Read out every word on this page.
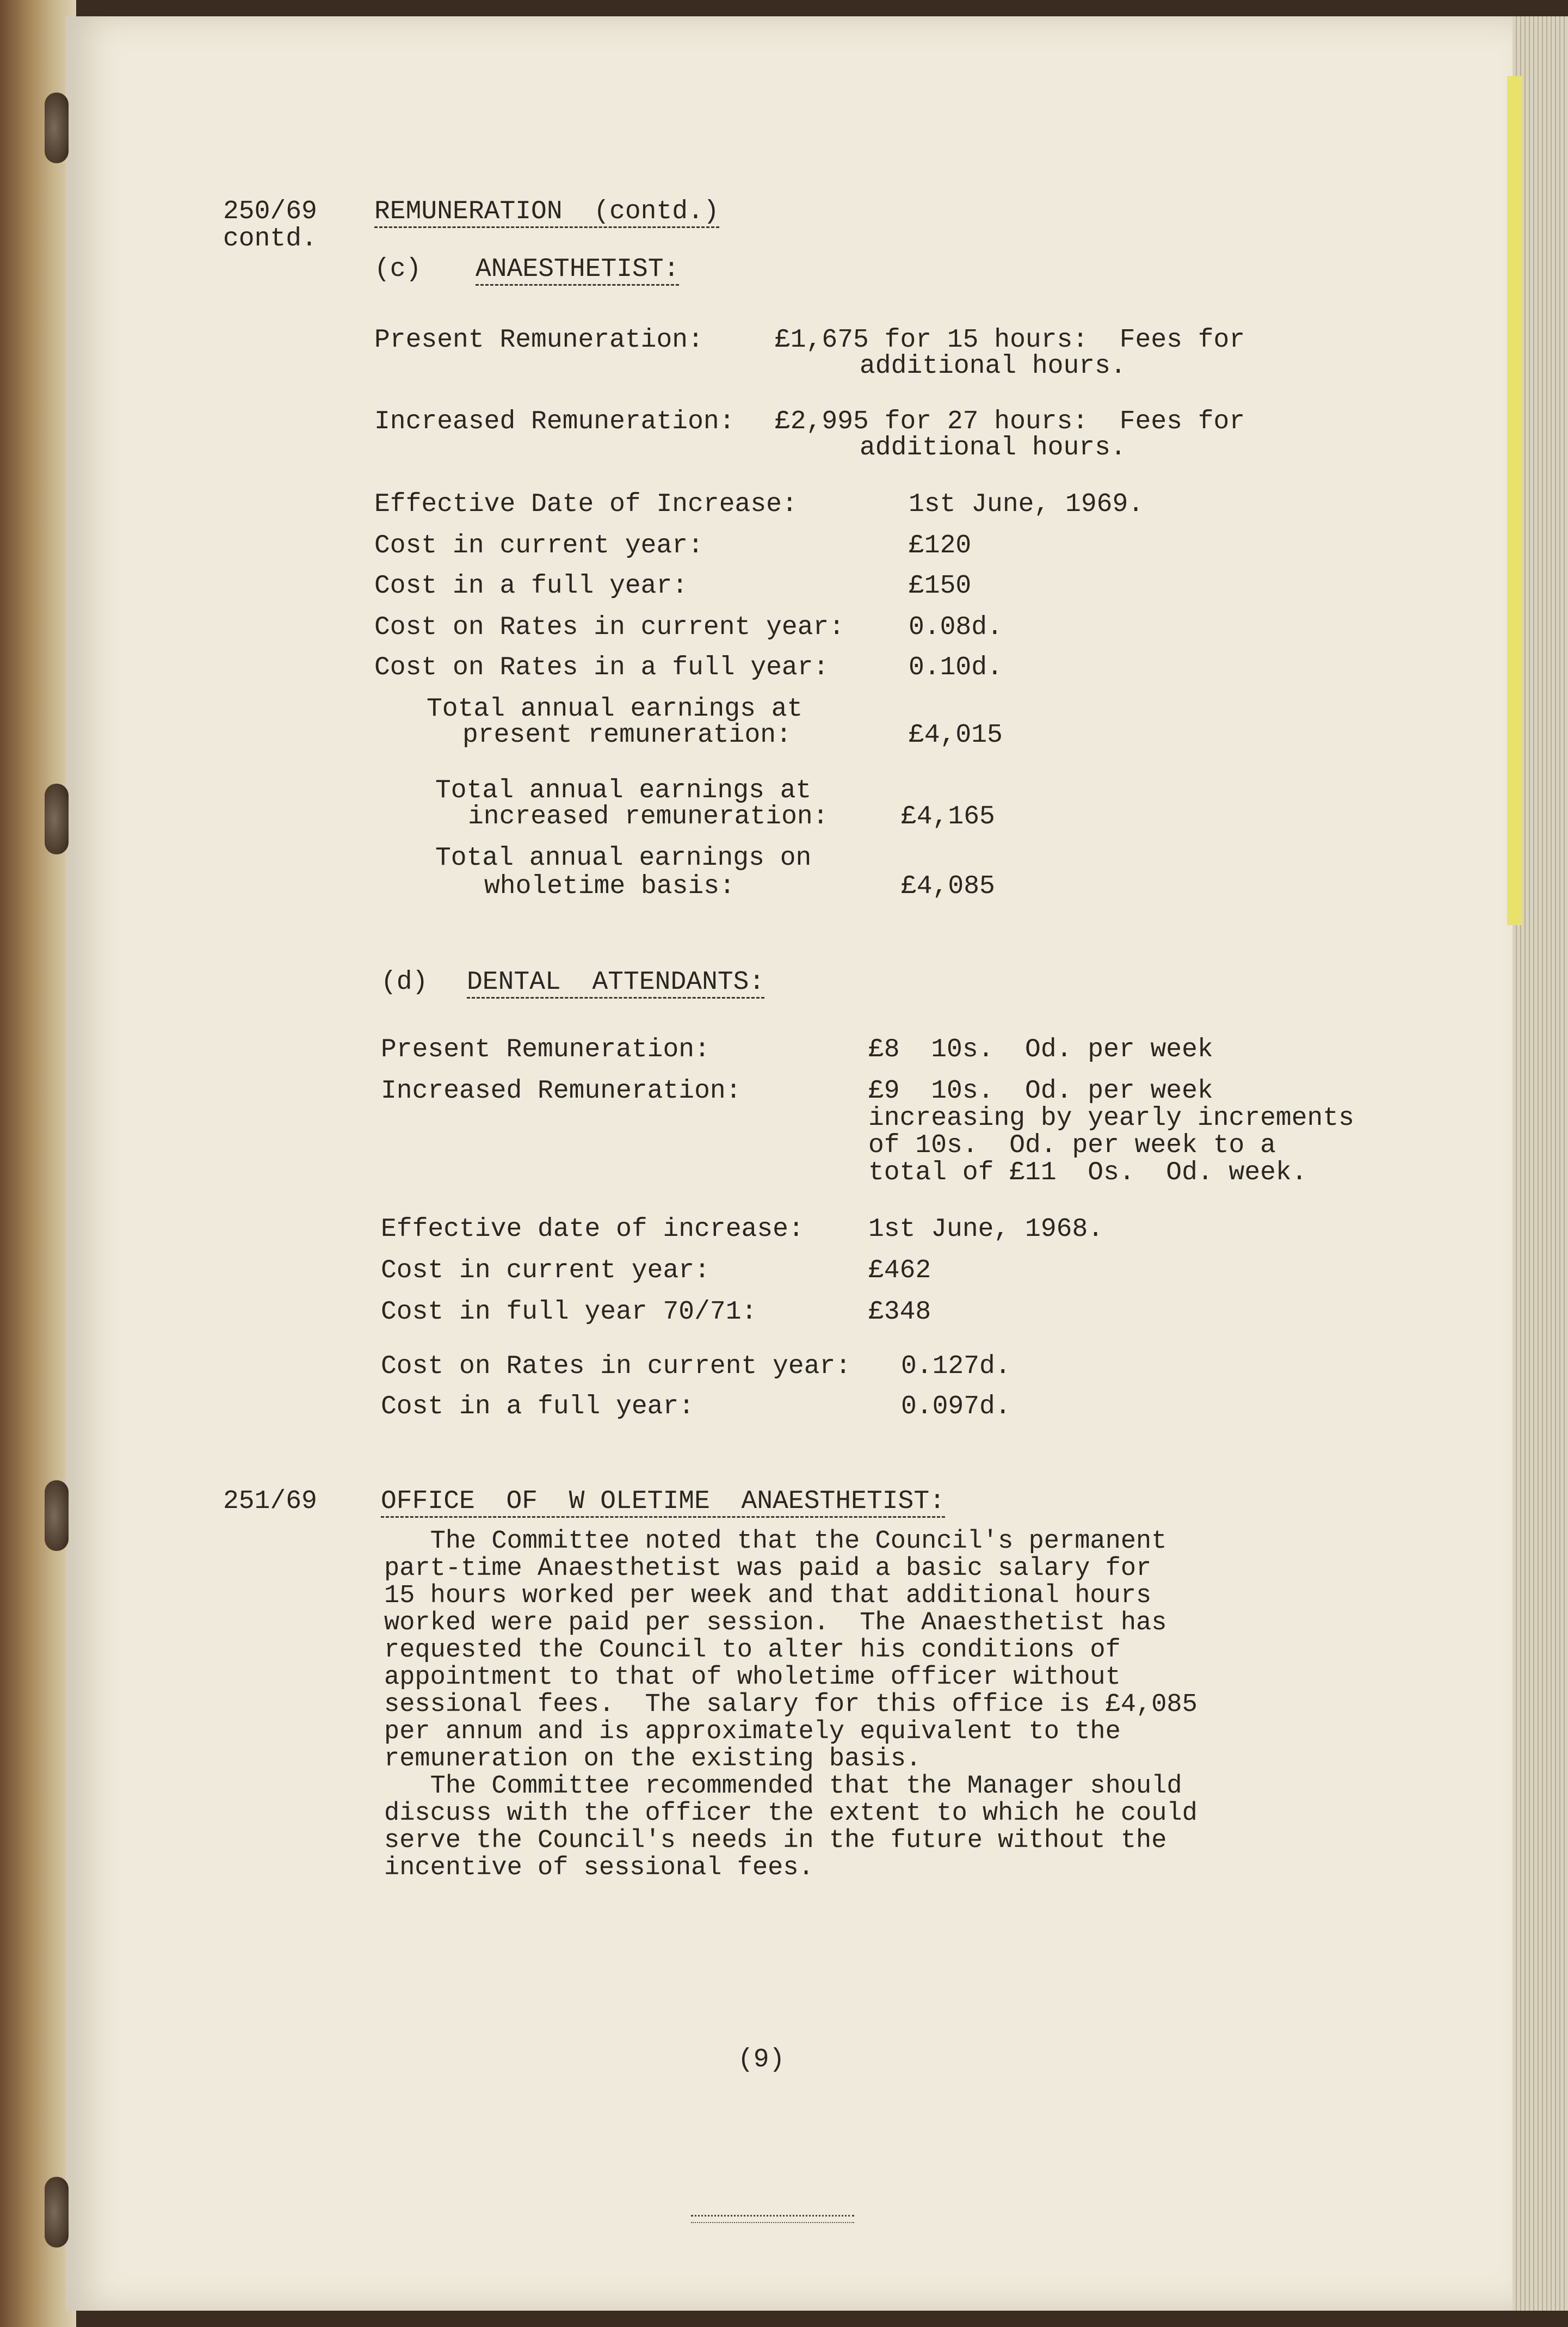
250/69
contd.
251/69
REMUNERATION  (contd.)
(c) ANAESTHETIST:
Present Remuneration:	£1,675 for 15 hours:  Fees for
additional hours.
Increased Remuneration: £2,995 for 27 hours:  Fees for
additional hours.
Effective Date of Increase:	1st June, 1969.
Cost in current year:	£120
Cost in a full year:	£150
Cost on Rates in current year: 0.08d.
Cost on Rates in a full year:	0.10d.
Total annual earnings at
present remuneration:	£4,015
Total annual earnings at
increased remuneration:	£4,165
Total annual earnings on
wholetime basis:	£4,085
(d) DENTAL  ATTENDANTS:
Present Remuneration:	£8  10s.  Od. per week
Increased Remuneration:	£9  10s.  Od. per week
increasing by yearly increments
of 10s.  Od. per week to a
total of £11  Os.  Od. week.
Effective date of increase: 1st June, 1968.
Cost in current year:	£462
Cost in full year 70/71:	£348
Cost on Rates in current year: 0.127d.
Cost in a full year:	0.097d.
OFFICE  OF  W OLETIME  ANAESTHETIST:
The Committee noted that the Council's permanent
part-time Anaesthetist was paid a basic salary for
15 hours worked per week and that additional hours
worked were paid per session.  The Anaesthetist has
requested the Council to alter his conditions of
appointment to that of wholetime officer without
sessional fees.  The salary for this office is £4,085
per annum and is approximately equivalent to the
remuneration on the existing basis.
The Committee recommended that the Manager should
discuss with the officer the extent to which he could
serve the Council's needs in the future without the
incentive of sessional fees.
(9)
